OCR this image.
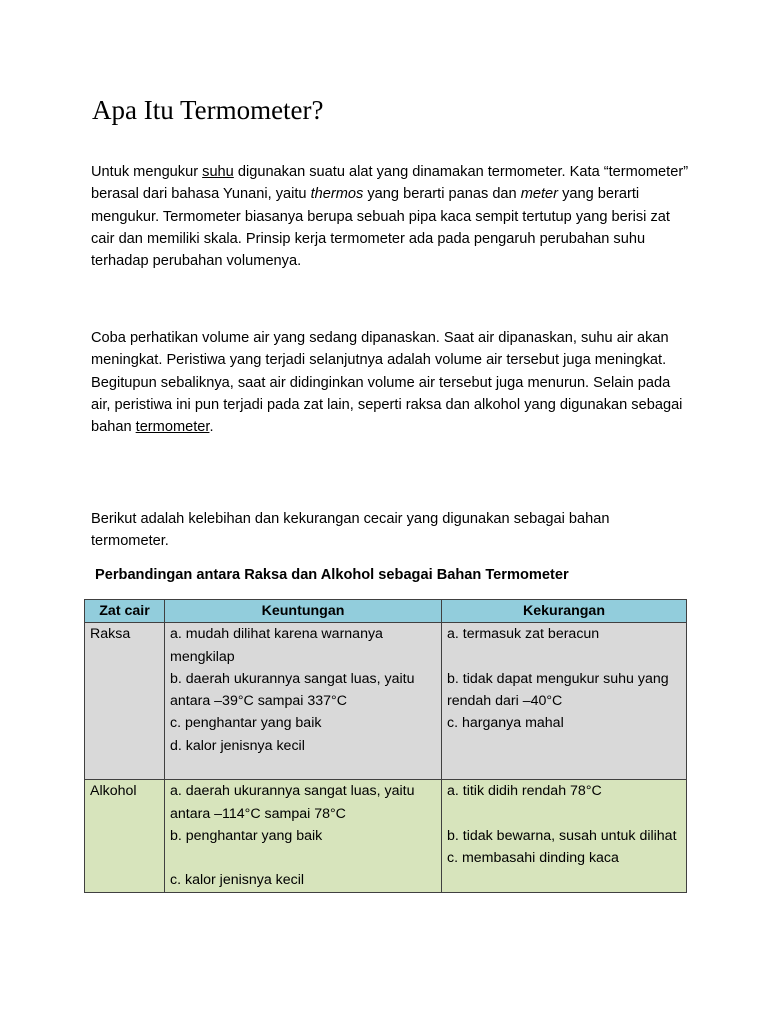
Apa Itu Termometer?

Untuk mengukur suhu digunakan suatu alat yang dinamakan termometer. Kata “termometer” berasal dari bahasa Yunani, yaitu thermos yang berarti panas dan meter yang berarti mengukur. Termometer biasanya berupa sebuah pipa kaca sempit tertutup yang berisi zat cair dan memiliki skala. Prinsip kerja termometer ada pada pengaruh perubahan suhu terhadap perubahan volumenya.

Coba perhatikan volume air yang sedang dipanaskan. Saat air dipanaskan, suhu air akan meningkat. Peristiwa yang terjadi selanjutnya adalah volume air tersebut juga meningkat. Begitupun sebaliknya, saat air didinginkan volume air tersebut juga menurun. Selain pada air, peristiwa ini pun terjadi pada zat lain, seperti raksa dan alkohol yang digunakan sebagai bahan termometer.

Berikut adalah kelebihan dan kekurangan cecair yang digunakan sebagai bahan termometer.

Perbandingan antara Raksa dan Alkohol sebagai Bahan Termometer

Zat cair	Keuntungan	Kekurangan
Raksa	a. mudah dilihat karena warnanya mengkilap
b. daerah ukurannya sangat luas, yaitu antara –39°C sampai 337°C
c. penghantar yang baik
d. kalor jenisnya kecil	a. termasuk zat beracun
b. tidak dapat mengukur suhu yang rendah dari –40°C
c. harganya mahal

Alkohol	a. daerah ukurannya sangat luas, yaitu antara –114°C sampai 78°C
b. penghantar yang baik
c. kalor jenisnya kecil	a. titik didih rendah 78°C
b. tidak bewarna, susah untuk dilihat
c. membasahi dinding kaca
